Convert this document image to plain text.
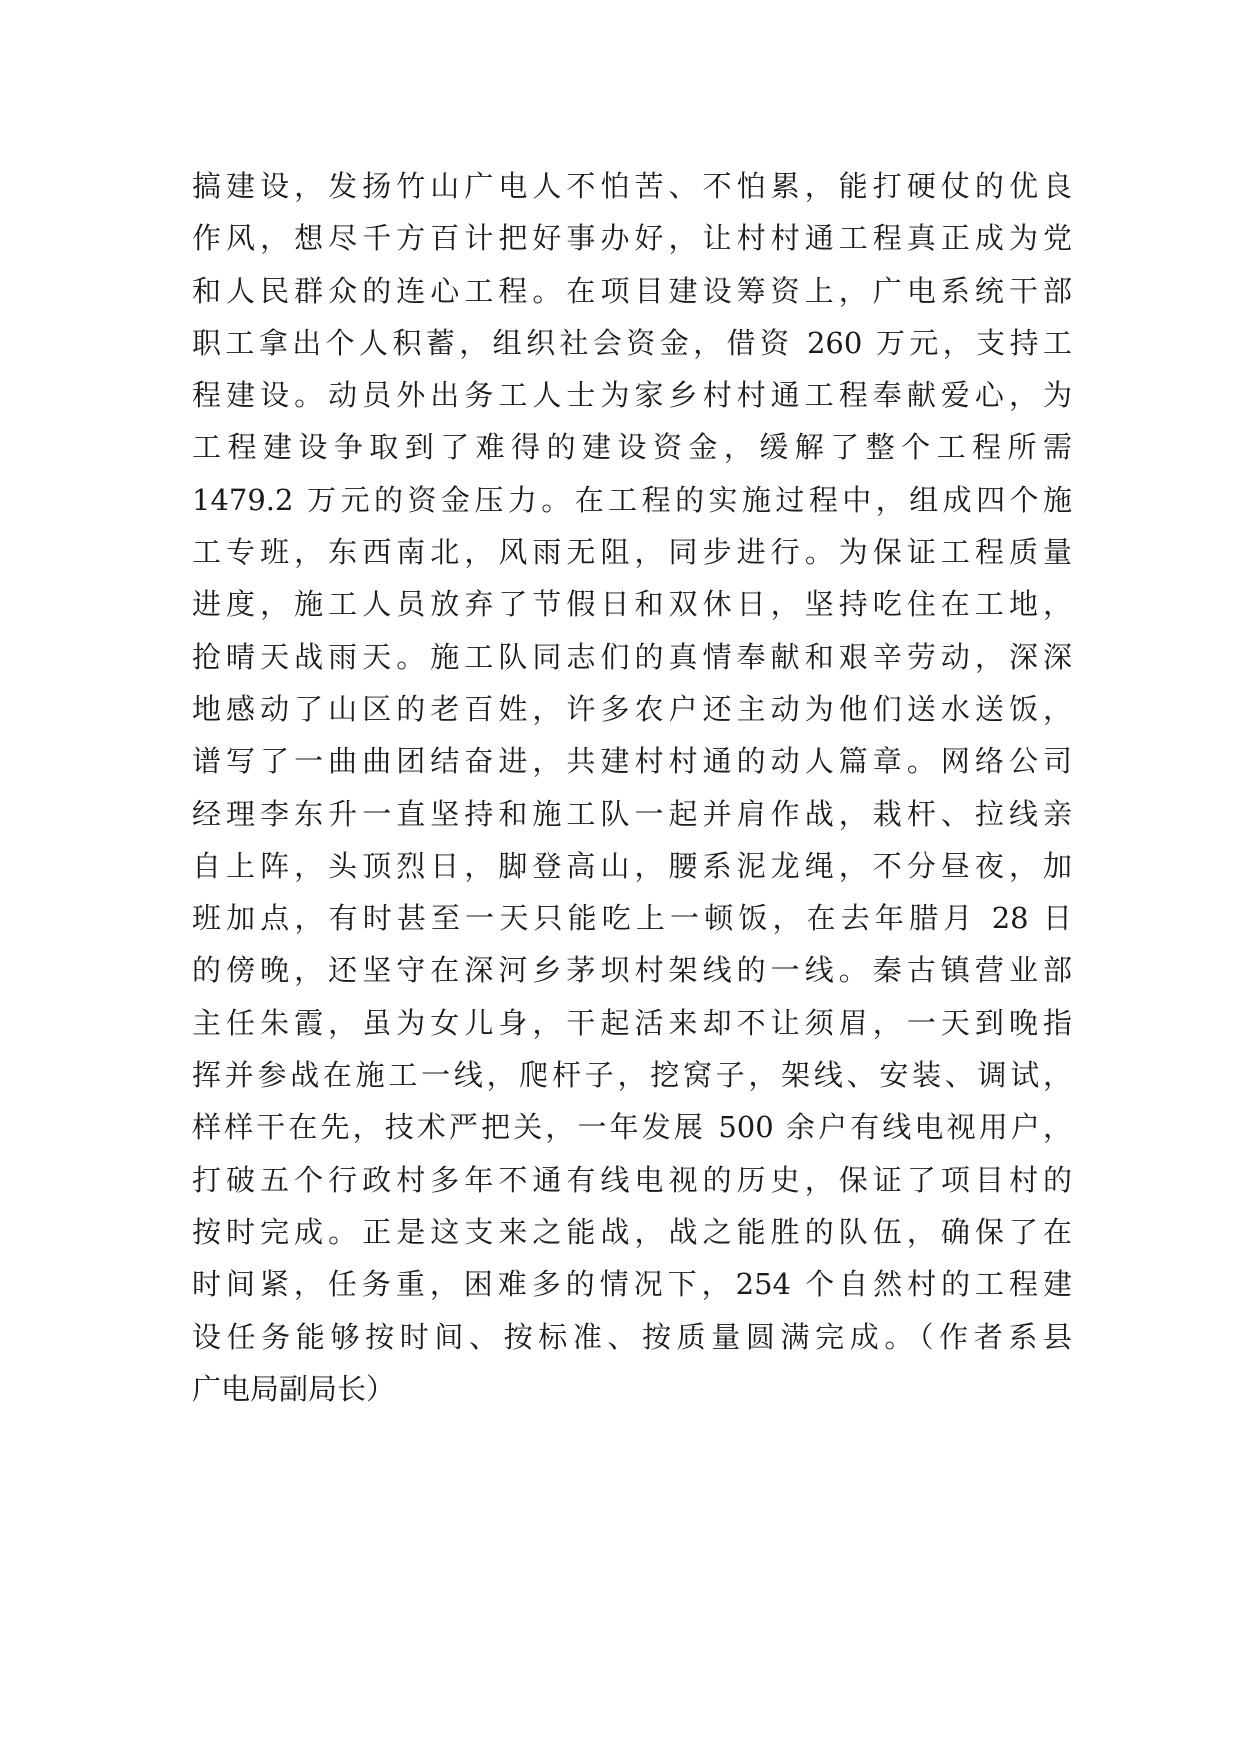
搞建设，发扬竹山广电人不怕苦、不怕累，能打硬仗的优良
作风，想尽千方百计把好事办好，让村村通工程真正成为党
和人民群众的连心工程。在项目建设筹资上，广电系统干部
职工拿出个人积蓄，组织社会资金，借资 260 万元，支持工
程建设。动员外出务工人士为家乡村村通工程奉献爱心，为
工程建设争取到了难得的建设资金，缓解了整个工程所需
1479.2 万元的资金压力。在工程的实施过程中，组成四个施
工专班，东西南北，风雨无阻，同步进行。为保证工程质量
进度，施工人员放弃了节假日和双休日，坚持吃住在工地，
抢晴天战雨天。施工队同志们的真情奉献和艰辛劳动，深深
地感动了山区的老百姓，许多农户还主动为他们送水送饭，
谱写了一曲曲团结奋进，共建村村通的动人篇章。网络公司
经理李东升一直坚持和施工队一起并肩作战，栽杆、拉线亲
自上阵，头顶烈日，脚登高山，腰系泥龙绳，不分昼夜，加
班加点，有时甚至一天只能吃上一顿饭，在去年腊月 28 日
的傍晚，还坚守在深河乡茅坝村架线的一线。秦古镇营业部
主任朱霞，虽为女儿身，干起活来却不让须眉，一天到晚指
挥并参战在施工一线，爬杆子，挖窝子，架线、安装、调试，
样样干在先，技术严把关，一年发展 500 余户有线电视用户，
打破五个行政村多年不通有线电视的历史，保证了项目村的
按时完成。正是这支来之能战，战之能胜的队伍，确保了在
时间紧，任务重，困难多的情况下，254 个自然村的工程建
设任务能够按时间、按标准、按质量圆满完成。（作者系县
广电局副局长）
